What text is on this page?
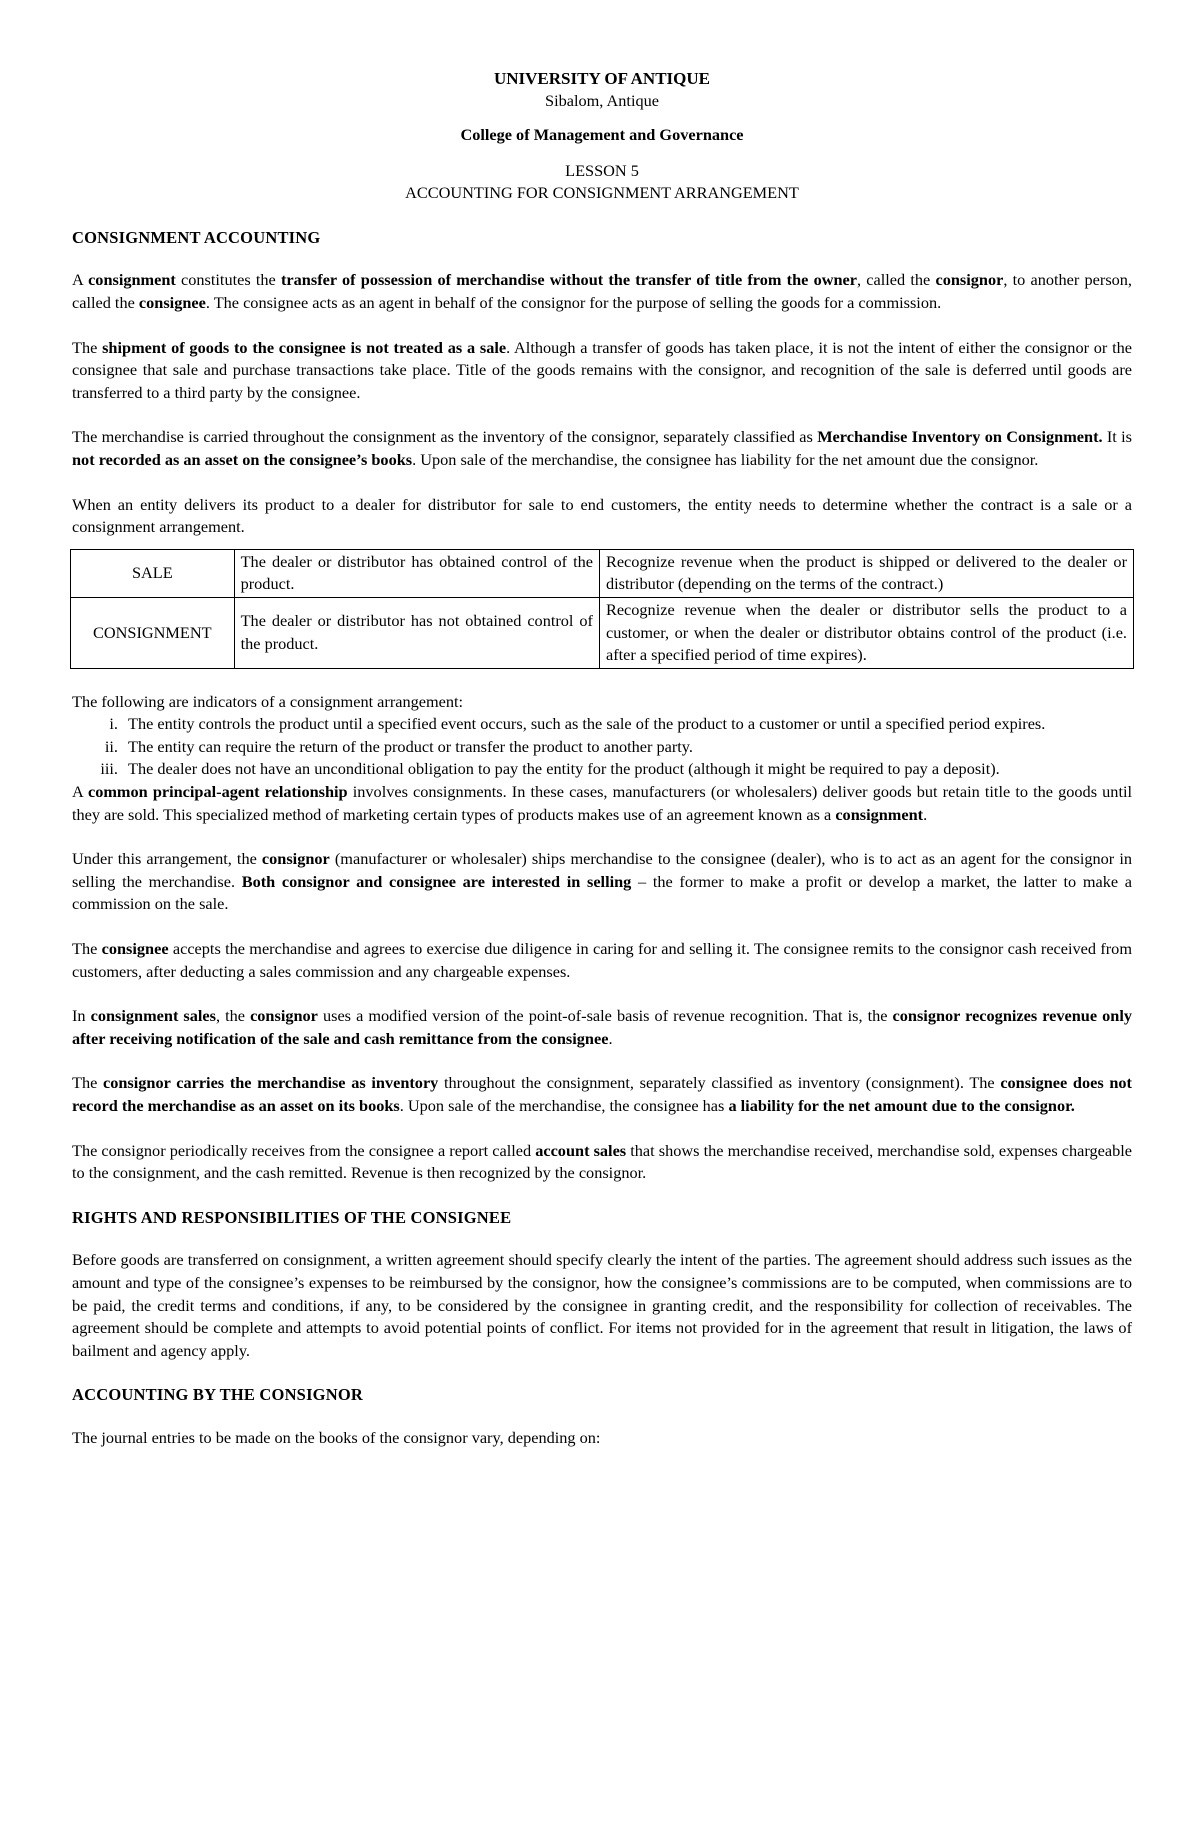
UNIVERSITY OF ANTIQUE
Sibalom, Antique
College of Management and Governance
LESSON 5
ACCOUNTING FOR CONSIGNMENT ARRANGEMENT
CONSIGNMENT ACCOUNTING

A consignment constitutes the transfer of possession of merchandise without the transfer of title from the owner, called the consignor, to another person, called the consignee. The consignee acts as an agent in behalf of the consignor for the purpose of selling the goods for a commission.

The shipment of goods to the consignee is not treated as a sale. Although a transfer of goods has taken place, it is not the intent of either the consignor or the consignee that sale and purchase transactions take place. Title of the goods remains with the consignor, and recognition of the sale is deferred until goods are transferred to a third party by the consignee.

The merchandise is carried throughout the consignment as the inventory of the consignor, separately classified as Merchandise Inventory on Consignment. It is not recorded as an asset on the consignee’s books. Upon sale of the merchandise, the consignee has liability for the net amount due the consignor.

When an entity delivers its product to a dealer for distributor for sale to end customers, the entity needs to determine whether the contract is a sale or a consignment arrangement.

SALE	The dealer or distributor has obtained control of the product.	Recognize revenue when the product is shipped or delivered to the dealer or distributor (depending on the terms of the contract.)
CONSIGNMENT	The dealer or distributor has not obtained control of the product.	Recognize revenue when the dealer or distributor sells the product to a customer, or when the dealer or distributor obtains control of the product (i.e. after a specified period of time expires).
The following are indicators of a consignment arrangement:
i. The entity controls the product until a specified event occurs, such as the sale of the product to a customer or until a specified period expires.
ii. The entity can require the return of the product or transfer the product to another party.
iii. The dealer does not have an unconditional obligation to pay the entity for the product (although it might be required to pay a deposit).

A common principal-agent relationship involves consignments. In these cases, manufacturers (or wholesalers) deliver goods but retain title to the goods until they are sold. This specialized method of marketing certain types of products makes use of an agreement known as a consignment.

Under this arrangement, the consignor (manufacturer or wholesaler) ships merchandise to the consignee (dealer), who is to act as an agent for the consignor in selling the merchandise. Both consignor and consignee are interested in selling – the former to make a profit or develop a market, the latter to make a commission on the sale.

The consignee accepts the merchandise and agrees to exercise due diligence in caring for and selling it. The consignee remits to the consignor cash received from customers, after deducting a sales commission and any chargeable expenses.

In consignment sales, the consignor uses a modified version of the point-of-sale basis of revenue recognition. That is, the consignor recognizes revenue only after receiving notification of the sale and cash remittance from the consignee.

The consignor carries the merchandise as inventory throughout the consignment, separately classified as inventory (consignment). The consignee does not record the merchandise as an asset on its books. Upon sale of the merchandise, the consignee has a liability for the net amount due to the consignor.

The consignor periodically receives from the consignee a report called account sales that shows the merchandise received, merchandise sold, expenses chargeable to the consignment, and the cash remitted. Revenue is then recognized by the consignor.

RIGHTS AND RESPONSIBILITIES OF THE CONSIGNEE

Before goods are transferred on consignment, a written agreement should specify clearly the intent of the parties. The agreement should address such issues as the amount and type of the consignee’s expenses to be reimbursed by the consignor, how the consignee’s commissions are to be computed, when commissions are to be paid, the credit terms and conditions, if any, to be considered by the consignee in granting credit, and the responsibility for collection of receivables. The agreement should be complete and attempts to avoid potential points of conflict. For items not provided for in the agreement that result in litigation, the laws of bailment and agency apply.

ACCOUNTING BY THE CONSIGNOR

The journal entries to be made on the books of the consignor vary, depending on:
